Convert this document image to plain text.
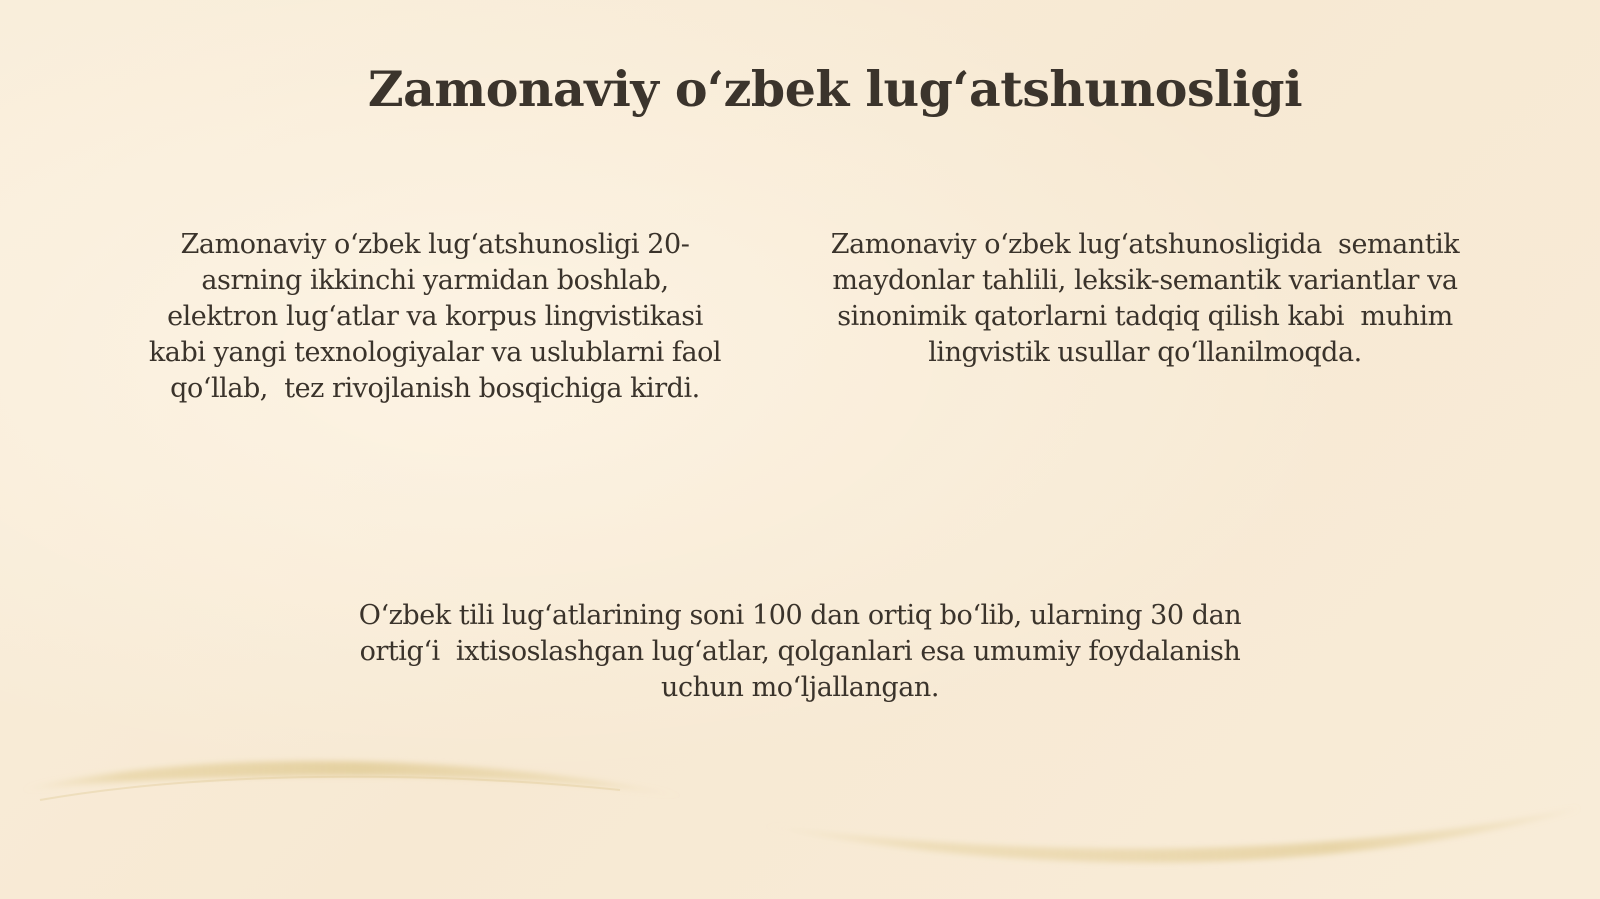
Zamonaviy o‘zbek lug‘atshunosligi

Zamonaviy o‘zbek lug‘atshunosligi 20-
asrning ikkinchi yarmidan boshlab,
elektron lug‘atlar va korpus lingvistikasi
kabi yangi texnologiyalar va uslublarni faol
qo‘llab,  tez rivojlanish bosqichiga kirdi.

Zamonaviy o‘zbek lug‘atshunosligida  semantik
maydonlar tahlili, leksik-semantik variantlar va
sinonimik qatorlarni tadqiq qilish kabi  muhim
lingvistik usullar qo‘llanilmoqda.

O‘zbek tili lug‘atlarining soni 100 dan ortiq bo‘lib, ularning 30 dan
ortig‘i  ixtisoslashgan lug‘atlar, qolganlari esa umumiy foydalanish
uchun mo‘ljallangan.
